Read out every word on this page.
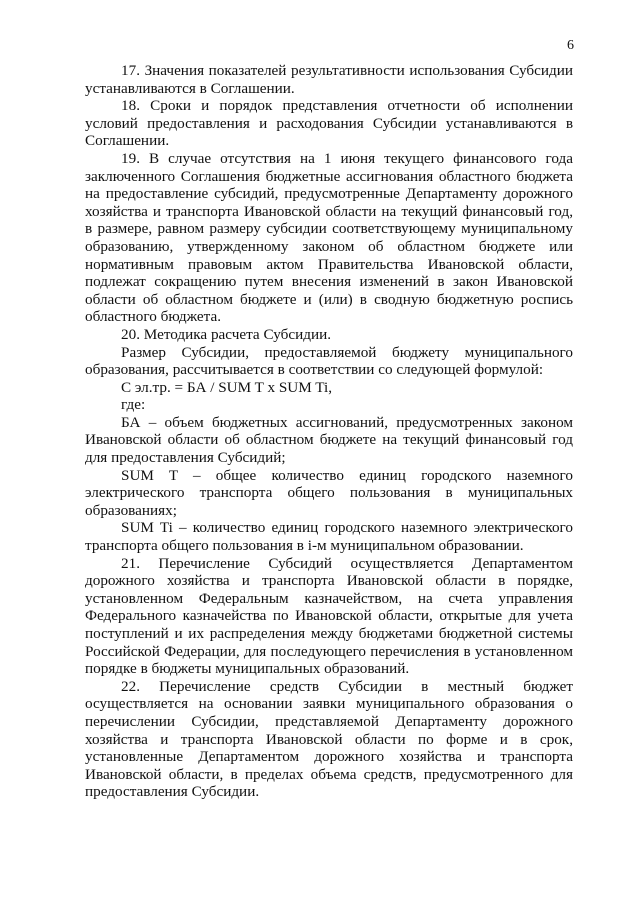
6

17. Значения показателей результативности использования Субсидии устанавливаются в Соглашении.

18. Сроки и порядок представления отчетности об исполнении условий предоставления и расходования Субсидии устанавливаются в Соглашении.

19. В случае отсутствия на 1 июня текущего финансового года заключенного Соглашения бюджетные ассигнования областного бюджета на предоставление субсидий, предусмотренные Департаменту дорожного хозяйства и транспорта Ивановской области на текущий финансовый год, в размере, равном размеру субсидии соответствующему муниципальному образованию, утвержденному законом об областном бюджете или нормативным правовым актом Правительства Ивановской области, подлежат сокращению путем внесения изменений в закон Ивановской области об областном бюджете и (или) в сводную бюджетную роспись областного бюджета.

20. Методика расчета Субсидии.

Размер Субсидии, предоставляемой бюджету муниципального образования, рассчитывается в соответствии со следующей формулой:

С эл.тр. = БА / SUM T x SUM Ti,

где:

БА – объем бюджетных ассигнований, предусмотренных законом Ивановской области об областном бюджете на текущий финансовый год для предоставления Субсидий;

SUM T – общее количество единиц городского наземного электрического транспорта общего пользования в муниципальных образованиях;

SUM Ti – количество единиц городского наземного электрического транспорта общего пользования в i-м муниципальном образовании.

21. Перечисление Субсидий осуществляется Департаментом дорожного хозяйства и транспорта Ивановской области в порядке, установленном Федеральным казначейством, на счета управления Федерального казначейства по Ивановской области, открытые для учета поступлений и их распределения между бюджетами бюджетной системы Российской Федерации, для последующего перечисления в установленном порядке в бюджеты муниципальных образований.

22. Перечисление средств Субсидии в местный бюджет осуществляется на основании заявки муниципального образования о перечислении Субсидии, представляемой Департаменту дорожного хозяйства и транспорта Ивановской области по форме и в срок, установленные Департаментом дорожного хозяйства и транспорта Ивановской области, в пределах объема средств, предусмотренного для предоставления Субсидии.
